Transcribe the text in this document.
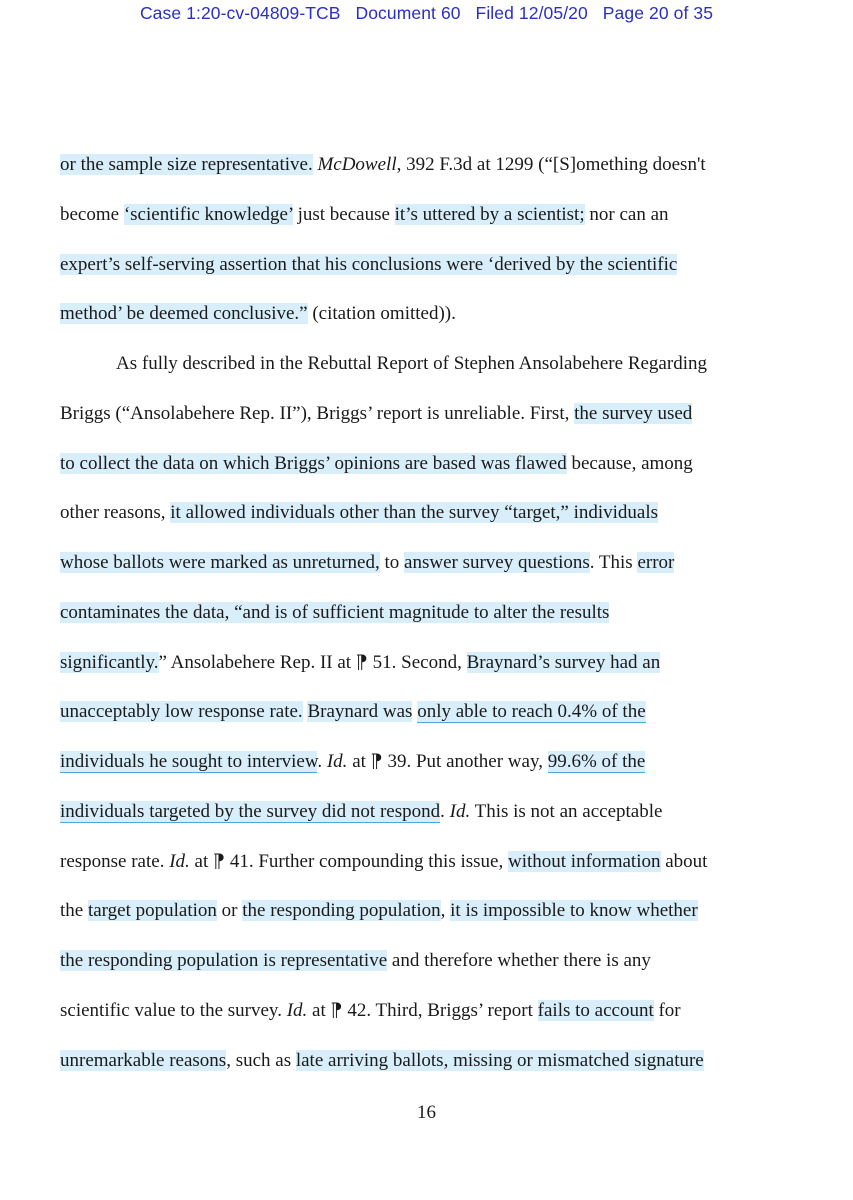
Case 1:20-cv-04809-TCB Document 60 Filed 12/05/20 Page 20 of 35
or the sample size representative. McDowell, 392 F.3d at 1299 (“[S]omething doesn't
become ‘scientific knowledge’ just because it’s uttered by a scientist; nor can an
expert’s self-serving assertion that his conclusions were ‘derived by the scientific
method’ be deemed conclusive.” (citation omitted)).
As fully described in the Rebuttal Report of Stephen Ansolabehere Regarding
Briggs (“Ansolabehere Rep. II”), Briggs’ report is unreliable. First, the survey used
to collect the data on which Briggs’ opinions are based was flawed because, among
other reasons, it allowed individuals other than the survey “target,” individuals
whose ballots were marked as unreturned, to answer survey questions. This error
contaminates the data, “and is of sufficient magnitude to alter the results
significantly.” Ansolabehere Rep. II at ⁋ 51. Second, Braynard’s survey had an
unacceptably low response rate. Braynard was only able to reach 0.4% of the
individuals he sought to interview. Id. at ⁋ 39. Put another way, 99.6% of the
individuals targeted by the survey did not respond. Id. This is not an acceptable
response rate. Id. at ⁋ 41. Further compounding this issue, without information about
the target population or the responding population, it is impossible to know whether
the responding population is representative and therefore whether there is any
scientific value to the survey. Id. at ⁋ 42. Third, Briggs’ report fails to account for
unremarkable reasons, such as late arriving ballots, missing or mismatched signature
16
